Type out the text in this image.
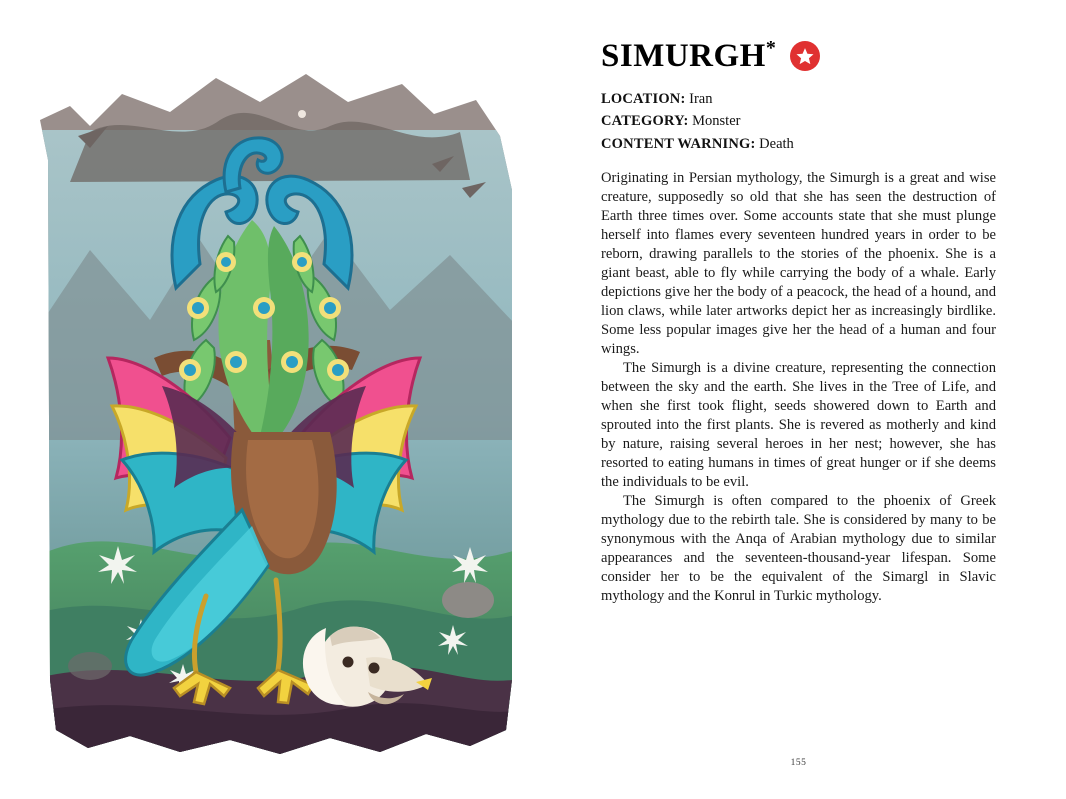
SIMURGH*
LOCATION: Iran
CATEGORY: Monster
CONTENT WARNING: Death

Originating in Persian mythology, the Simurgh is a great and wise creature, supposedly so old that she has seen the destruction of Earth three times over. Some accounts state that she must plunge herself into flames every seventeen hundred years in order to be reborn, drawing parallels to the stories of the phoenix. She is a giant beast, able to fly while carrying the body of a whale. Early depictions give her the body of a peacock, the head of a hound, and lion claws, while later artworks depict her as increasingly birdlike. Some less popular images give her the head of a human and four wings.

The Simurgh is a divine creature, representing the connection between the sky and the earth. She lives in the Tree of Life, and when she first took flight, seeds showered down to Earth and sprouted into the first plants. She is revered as motherly and kind by nature, raising several heroes in her nest; however, she has resorted to eating humans in times of great hunger or if she deems the individuals to be evil.

The Simurgh is often compared to the phoenix of Greek mythology due to the rebirth tale. She is considered by many to be synonymous with the Anqa of Arabian mythology due to similar appearances and the seventeen-thousand-year lifespan. Some consider her to be the equivalent of the Simargl in Slavic mythology and the Konrul in Turkic mythology.

155
